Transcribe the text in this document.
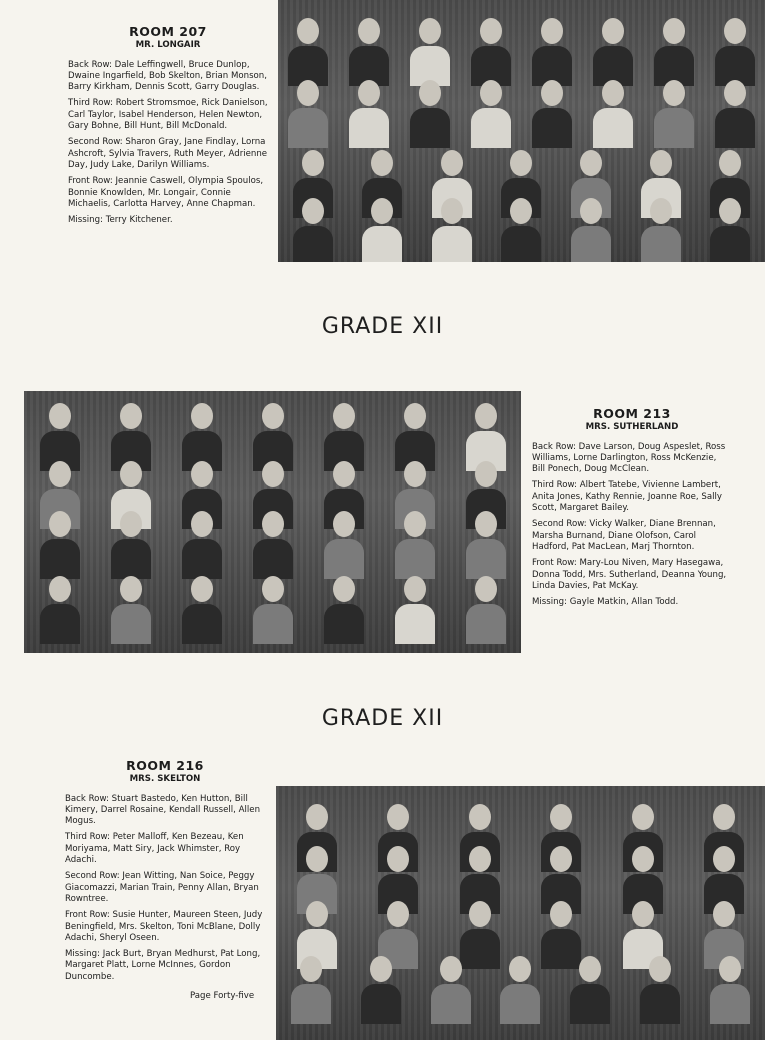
ROOM 207
MR. LONGAIR
Back Row: Dale Leffingwell, Bruce Dunlop, Dwaine Ingarfield, Bob Skelton, Brian Monson, Barry Kirkham, Dennis Scott, Garry Douglas.
Third Row: Robert Stromsmoe, Rick Danielson, Carl Taylor, Isabel Henderson, Helen Newton, Gary Bohne, Bill Hunt, Bill McDonald.
Second Row: Sharon Gray, Jane Findlay, Lorna Ashcroft, Sylvia Travers, Ruth Meyer, Adrienne Day, Judy Lake, Darilyn Williams.
Front Row: Jeannie Caswell, Olympia Spoulos, Bonnie Knowlden, Mr. Longair, Connie Michaelis, Carlotta Harvey, Anne Chapman.
Missing: Terry Kitchener.
GRADE XII
ROOM 213
MRS. SUTHERLAND
Back Row: Dave Larson, Doug Aspeslet, Ross Williams, Lorne Darlington, Ross McKenzie, Bill Ponech, Doug McClean.
Third Row: Albert Tatebe, Vivienne Lambert, Anita Jones, Kathy Rennie, Joanne Roe, Sally Scott, Margaret Bailey.
Second Row: Vicky Walker, Diane Brennan, Marsha Burnand, Diane Olofson, Carol Hadford, Pat MacLean, Marj Thornton.
Front Row: Mary-Lou Niven, Mary Hasegawa, Donna Todd, Mrs. Sutherland, Deanna Young, Linda Davies, Pat McKay.
Missing: Gayle Matkin, Allan Todd.
GRADE XII
ROOM 216
MRS. SKELTON
Back Row: Stuart Bastedo, Ken Hutton, Bill Kimery, Darrel Rosaine, Kendall Russell, Allen Mogus.
Third Row: Peter Malloff, Ken Bezeau, Ken Moriyama, Matt Siry, Jack Whimster, Roy Adachi.
Second Row: Jean Witting, Nan Soice, Peggy Giacomazzi, Marian Train, Penny Allan, Bryan Rowntree.
Front Row: Susie Hunter, Maureen Steen, Judy Beningfield, Mrs. Skelton, Toni McBlane, Dolly Adachi, Sheryl Oseen.
Missing: Jack Burt, Bryan Medhurst, Pat Long, Margaret Platt, Lorne McInnes, Gordon Duncombe.
Page Forty-five
